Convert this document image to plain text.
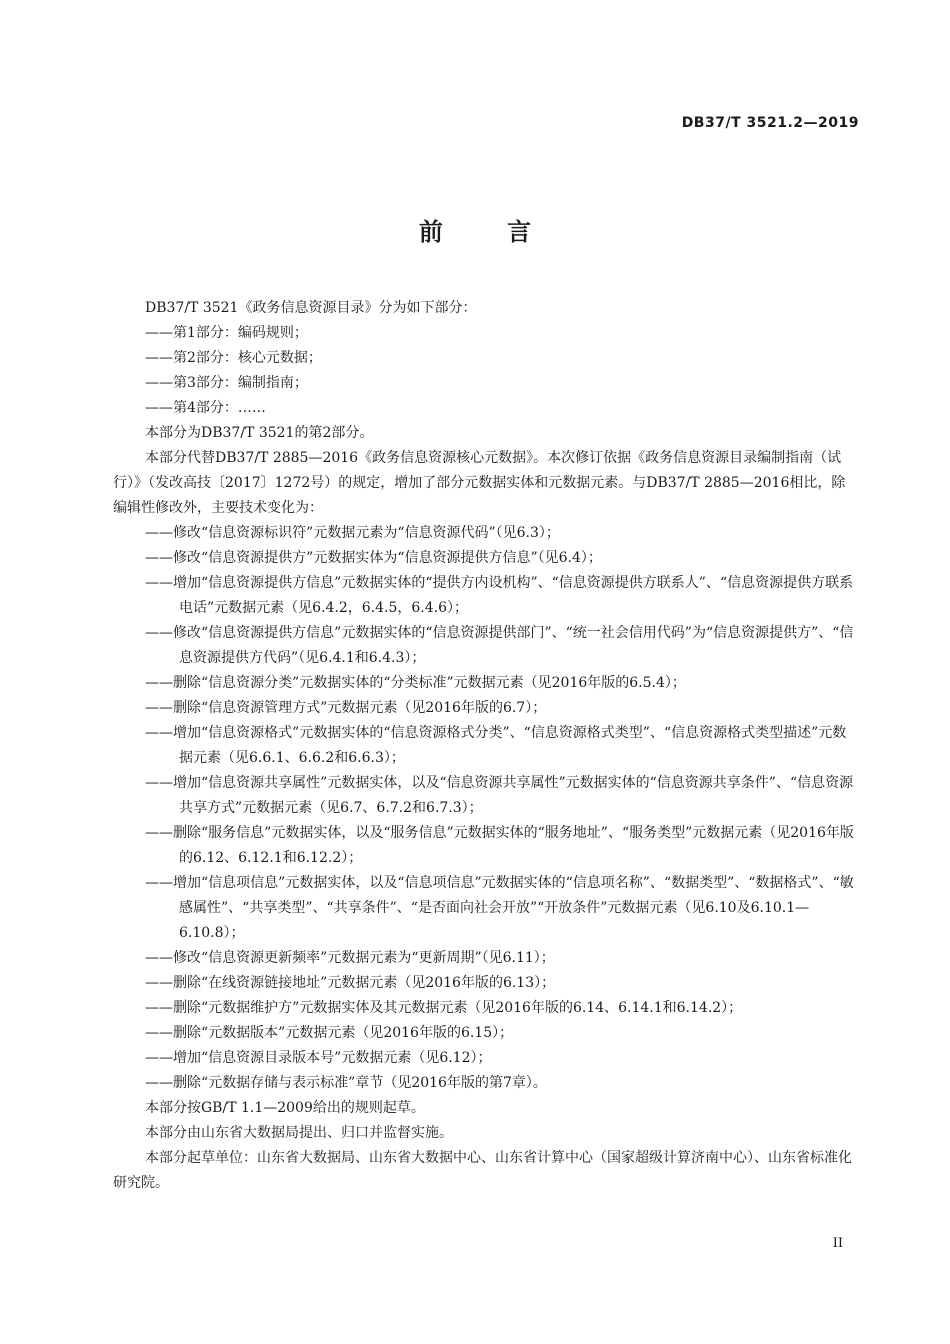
DB37/T 3521.2—2019
前 言

DB37/T 3521《政务信息资源目录》分为如下部分：

——第1部分：编码规则；

——第2部分：核心元数据；

——第3部分：编制指南；

——第4部分：……

本部分为DB37/T 3521的第2部分。

本部分代替DB37/T 2885—2016《政务信息资源核心元数据》。本次修订依据《政务信息资源目录编制指南（试行）》（发改高技〔2017〕1272号）的规定，增加了部分元数据实体和元数据元素。与DB37/T 2885—2016相比，除编辑性修改外，主要技术变化为：

——修改“信息资源标识符”元数据元素为“信息资源代码”（见6.3）；

——修改“信息资源提供方”元数据实体为“信息资源提供方信息”（见6.4）；

——增加“信息资源提供方信息”元数据实体的“提供方内设机构”、“信息资源提供方联系人”、“信息资源提供方联系电话”元数据元素（见6.4.2，6.4.5，6.4.6）；

——修改“信息资源提供方信息”元数据实体的“信息资源提供部门”、“统一社会信用代码”为“信息资源提供方”、“信息资源提供方代码”（见6.4.1和6.4.3）；

——删除“信息资源分类”元数据实体的“分类标准”元数据元素（见2016年版的6.5.4）；

——删除“信息资源管理方式”元数据元素（见2016年版的6.7）；

——增加“信息资源格式”元数据实体的“信息资源格式分类”、“信息资源格式类型”、“信息资源格式类型描述”元数据元素（见6.6.1、6.6.2和6.6.3）；

——增加“信息资源共享属性”元数据实体，以及“信息资源共享属性”元数据实体的“信息资源共享条件”、“信息资源共享方式”元数据元素（见6.7、6.7.2和6.7.3）；

——删除“服务信息”元数据实体，以及“服务信息”元数据实体的“服务地址”、“服务类型”元数据元素（见2016年版的6.12、6.12.1和6.12.2）；

——增加“信息项信息”元数据实体，以及“信息项信息”元数据实体的“信息项名称”、“数据类型”、“数据格式”、“敏感属性”、“共享类型”、“共享条件”、“是否面向社会开放”“开放条件”元数据元素（见6.10及6.10.1—6.10.8）；

——修改“信息资源更新频率”元数据元素为“更新周期”（见6.11）；

——删除“在线资源链接地址”元数据元素（见2016年版的6.13）；

——删除“元数据维护方”元数据实体及其元数据元素（见2016年版的6.14、6.14.1和6.14.2）；

——删除“元数据版本”元数据元素（见2016年版的6.15）；

——增加“信息资源目录版本号”元数据元素（见6.12）；

——删除“元数据存储与表示标准”章节（见2016年版的第7章）。

本部分按GB/T 1.1—2009给出的规则起草。

本部分由山东省大数据局提出、归口并监督实施。

本部分起草单位：山东省大数据局、山东省大数据中心、山东省计算中心（国家超级计算济南中心）、山东省标准化研究院。

II
